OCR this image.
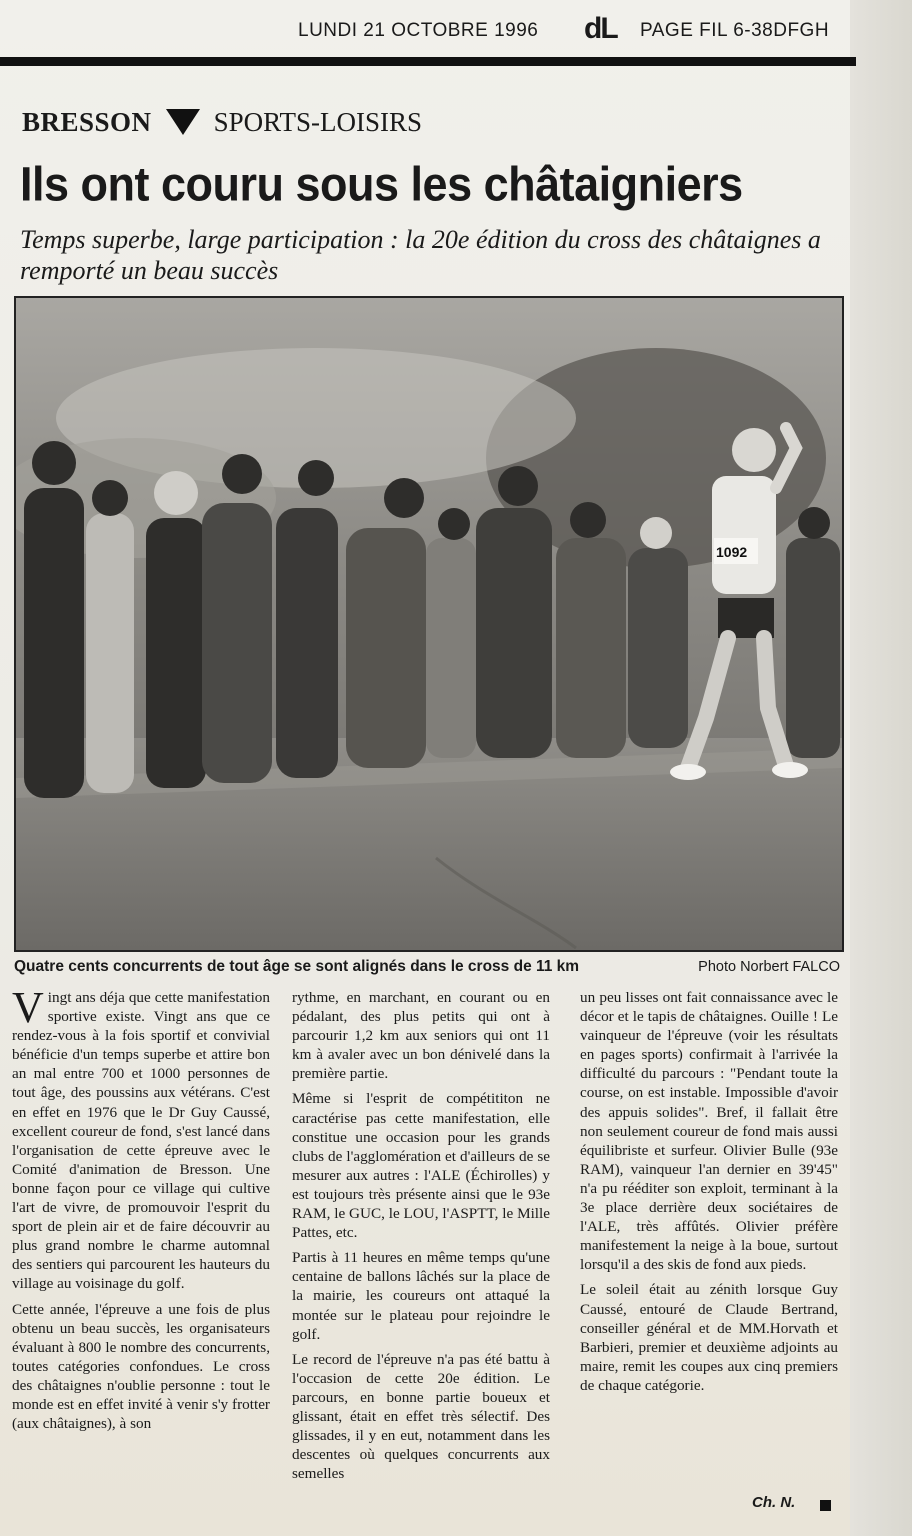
LUNDI 21 OCTOBRE 1996 dL PAGE FIL 6-38DFGH
BRESSON SPORTS-LOISIRS
Ils ont couru sous les châtaigniers
Temps superbe, large participation : la 20e édition du cross des châtaignes a remporté un beau succès
1092
Quatre cents concurrents de tout âge se sont alignés dans le cross de 11 km	Photo Norbert FALCO

Vingt ans déja que cette manifestation sportive existe. Vingt ans que ce rendez-vous à la fois sportif et convivial bénéficie d'un temps superbe et attire bon an mal entre 700 et 1000 personnes de tout âge, des poussins aux vétérans. C'est en effet en 1976 que le Dr Guy Caussé, excellent coureur de fond, s'est lancé dans l'organisation de cette épreuve avec le Comité d'animation de Bresson. Une bonne façon pour ce village qui cultive l'art de vivre, de promouvoir l'esprit du sport de plein air et de faire découvrir au plus grand nombre le charme automnal des sentiers qui parcourent les hauteurs du village au voisinage du golf.

Cette année, l'épreuve a une fois de plus obtenu un beau succès, les organisateurs évaluant à 800 le nombre des concurrents, toutes catégories confondues. Le cross des châtaignes n'oublie personne : tout le monde est en effet invité à venir s'y frotter (aux châtaignes), à son

rythme, en marchant, en courant ou en pédalant, des plus petits qui ont à parcourir 1,2 km aux seniors qui ont 11 km à avaler avec un bon dénivelé dans la première partie.

Même si l'esprit de compétititon ne caractérise pas cette manifestation, elle constitue une occasion pour les grands clubs de l'agglomération et d'ailleurs de se mesurer aux autres : l'ALE (Échirolles) y est toujours très présente ainsi que le 93e RAM, le GUC, le LOU, l'ASPTT, le Mille Pattes, etc.

Partis à 11 heures en même temps qu'une centaine de ballons lâchés sur la place de la mairie, les coureurs ont attaqué la montée sur le plateau pour rejoindre le golf.

Le record de l'épreuve n'a pas été battu à l'occasion de cette 20e édition. Le parcours, en bonne partie boueux et glissant, était en effet très sélectif. Des glissades, il y en eut, notamment dans les descentes où quelques concurrents aux semelles

un peu lisses ont fait connaissance avec le décor et le tapis de châtaignes. Ouille ! Le vainqueur de l'épreuve (voir les résultats en pages sports) confirmait à l'arrivée la difficulté du parcours : "Pendant toute la course, on est instable. Impossible d'avoir des appuis solides". Bref, il fallait être non seulement coureur de fond mais aussi équilibriste et surfeur. Olivier Bulle (93e RAM), vainqueur l'an dernier en 39'45" n'a pu rééditer son exploit, terminant à la 3e place derrière deux sociétaires de l'ALE, très affûtés. Olivier préfère manifestement la neige à la boue, surtout lorsqu'il a des skis de fond aux pieds.

Le soleil était au zénith lorsque Guy Caussé, entouré de Claude Bertrand, conseiller général et de MM.Horvath et Barbieri, premier et deuxième adjoints au maire, remit les coupes aux cinq premiers de chaque catégorie.

Ch. N.
